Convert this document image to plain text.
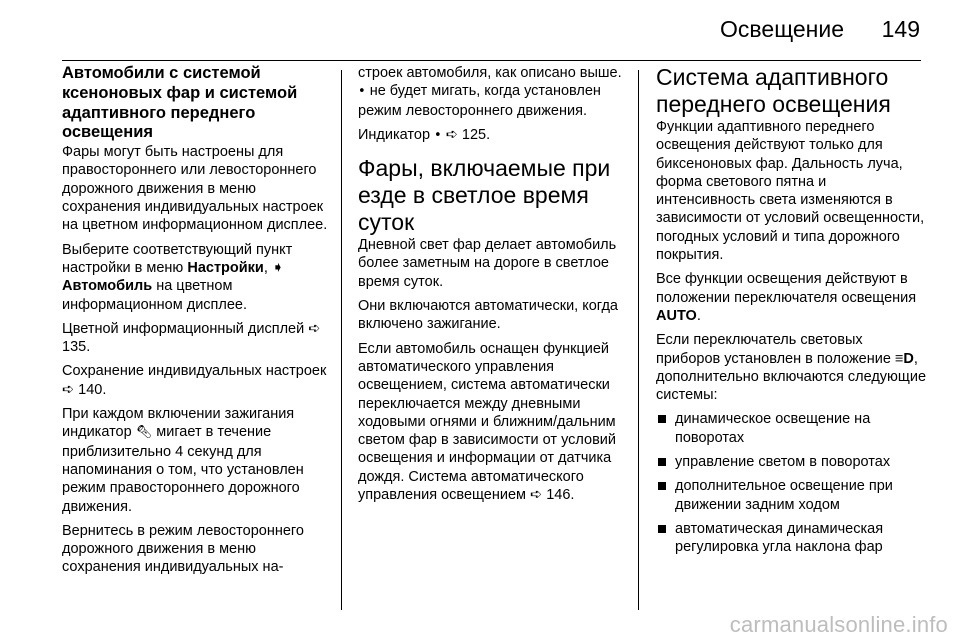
Освещение 149
Автомобили с системой ксеноновых фар и системой адаптивного переднего освещения

Фары могут быть настроены для правостороннего или левостороннего дорожного движения в меню сохранения индивидуальных настроек на цветном информационном дисплее.

Выберите соответствующий пункт настройки в меню Настройки, ➧ Автомобиль на цветном информационном дисплее.

Цветной информационный дисплей ➪ 135.

Сохранение индивидуальных настроек ➪ 140.

При каждом включении зажигания индикатор 🔦︎ мигает в течение приблизительно 4 секунд для напоминания о том, что установлен режим правостороннего дорожного движения.

Вернитесь в режим левостороннего дорожного движения в меню сохранения индивидуальных на-

строек автомобиля, как описано выше. • не будет мигать, когда установлен режим левостороннего движения.

Индикатор • ➪ 125.

Фары, включаемые при езде в светлое время суток

Дневной свет фар делает автомобиль более заметным на дороге в светлое время суток.

Они включаются автоматически, когда включено зажигание.

Если автомобиль оснащен функцией автоматического управления освещением, система автоматически переключается между дневными ходовыми огнями и ближним/дальним светом фар в зависимости от условий освещения и информации от датчика дождя. Система автоматического управления освещением ➪ 146.

Система адаптивного переднего освещения

Функции адаптивного переднего освещения действуют только для биксеноновых фар. Дальность луча, форма светового пятна и интенсивность света изменяются в зависимости от условий освещенности, погодных условий и типа дорожного покрытия.

Все функции освещения действуют в положении переключателя освещения AUTO.

Если переключатель световых приборов установлен в положение ≡D, дополнительно включаются следующие системы:

динамическое освещение на поворотах
управление светом в поворотах
дополнительное освещение при движении задним ходом
автоматическая динамическая регулировка угла наклона фар
carmanualsonline.info
